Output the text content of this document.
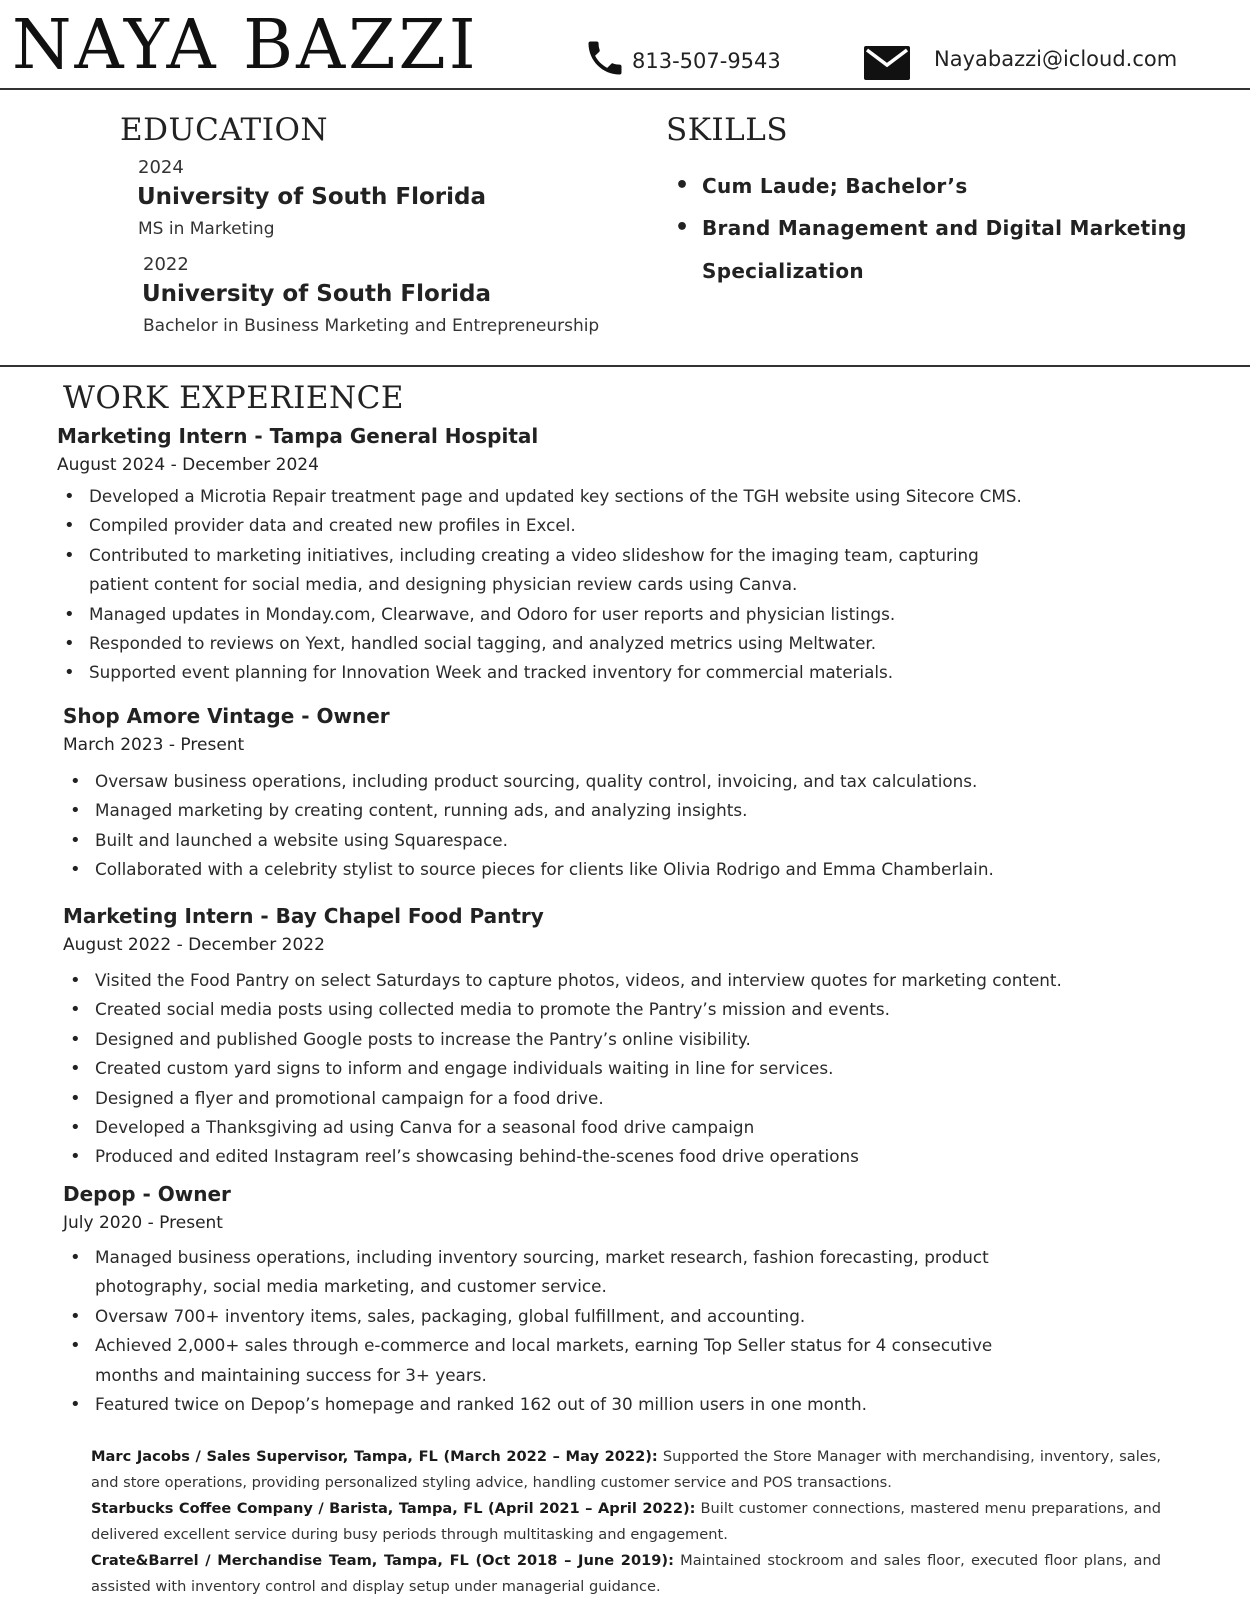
NAYA BAZZI	813-507-9543	Nayabazzi@icloud.com
EDUCATION
2024
University of South Florida
MS in Marketing
2022
University of South Florida
Bachelor in Business Marketing and Entrepreneurship
SKILLS
• Cum Laude; Bachelor’s
• Brand Management and Digital Marketing
Specialization
WORK EXPERIENCE
Marketing Intern - Tampa General Hospital
August 2024 - December 2024
• Developed a Microtia Repair treatment page and updated key sections of the TGH website using Sitecore CMS.
• Compiled provider data and created new profiles in Excel.
• Contributed to marketing initiatives, including creating a video slideshow for the imaging team, capturing
patient content for social media, and designing physician review cards using Canva.
• Managed updates in Monday.com, Clearwave, and Odoro for user reports and physician listings.
• Responded to reviews on Yext, handled social tagging, and analyzed metrics using Meltwater.
• Supported event planning for Innovation Week and tracked inventory for commercial materials.
Shop Amore Vintage - Owner
March 2023 - Present
• Oversaw business operations, including product sourcing, quality control, invoicing, and tax calculations.
• Managed marketing by creating content, running ads, and analyzing insights.
• Built and launched a website using Squarespace.
• Collaborated with a celebrity stylist to source pieces for clients like Olivia Rodrigo and Emma Chamberlain.
Marketing Intern - Bay Chapel Food Pantry
August 2022 - December 2022
• Visited the Food Pantry on select Saturdays to capture photos, videos, and interview quotes for marketing content.
• Created social media posts using collected media to promote the Pantry’s mission and events.
• Designed and published Google posts to increase the Pantry’s online visibility.
• Created custom yard signs to inform and engage individuals waiting in line for services.
• Designed a flyer and promotional campaign for a food drive.
• Developed a Thanksgiving ad using Canva for a seasonal food drive campaign
• Produced and edited Instagram reel’s showcasing behind-the-scenes food drive operations
Depop - Owner
July 2020 - Present
• Managed business operations, including inventory sourcing, market research, fashion forecasting, product
photography, social media marketing, and customer service.
• Oversaw 700+ inventory items, sales, packaging, global fulfillment, and accounting.
• Achieved 2,000+ sales through e-commerce and local markets, earning Top Seller status for 4 consecutive
months and maintaining success for 3+ years.
• Featured twice on Depop’s homepage and ranked 162 out of 30 million users in one month.

Marc Jacobs / Sales Supervisor, Tampa, FL (March 2022 – May 2022): Supported the Store Manager with merchandising, inventory, sales, and store operations, providing personalized styling advice, handling customer service and POS transactions.

Starbucks Coffee Company / Barista, Tampa, FL (April 2021 – April 2022): Built customer connections, mastered menu preparations, and delivered excellent service during busy periods through multitasking and engagement.

Crate&Barrel / Merchandise Team, Tampa, FL (Oct 2018 – June 2019): Maintained stockroom and sales floor, executed floor plans, and assisted with inventory control and display setup under managerial guidance.
